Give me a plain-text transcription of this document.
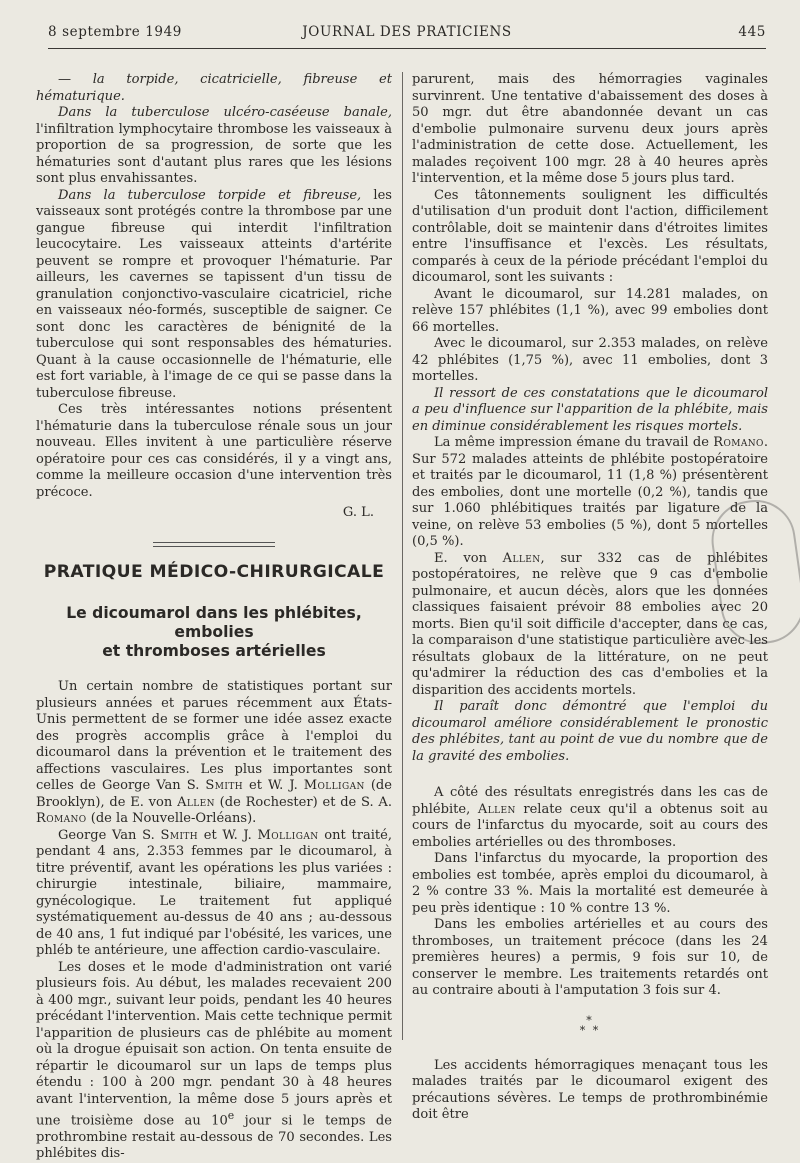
8 septembre 1949	JOURNAL DES PRATICIENS	445

— la torpide, cicatricielle, fibreuse et hématurique.

Dans la tuberculose ulcéro-caséeuse banale, l'infiltration lymphocytaire thrombose les vaisseaux à proportion de sa progression, de sorte que les hématuries sont d'autant plus rares que les lésions sont plus envahissantes.

Dans la tuberculose torpide et fibreuse, les vaisseaux sont protégés contre la thrombose par une gangue fibreuse qui interdit l'infiltration leucocytaire. Les vaisseaux atteints d'artérite peuvent se rompre et provoquer l'hématurie. Par ailleurs, les cavernes se tapissent d'un tissu de granulation conjonctivo-vasculaire cicatriciel, riche en vaisseaux néo-formés, susceptible de saigner. Ce sont donc les caractères de bénignité de la tuberculose qui sont responsables des hématuries. Quant à la cause occasionnelle de l'hématurie, elle est fort variable, à l'image de ce qui se passe dans la tuberculose fibreuse.

Ces très intéressantes notions présentent l'hématurie dans la tuberculose rénale sous un jour nouveau. Elles invitent à une particulière réserve opératoire pour ces cas considérés, il y a vingt ans, comme la meilleure occasion d'une intervention très précoce.

G. L.

PRATIQUE MÉDICO-CHIRURGICALE
Le dicoumarol dans les phlébites, embolies
et thromboses artérielles

Un certain nombre de statistiques portant sur plusieurs années et parues récemment aux États-Unis permettent de se former une idée assez exacte des progrès accomplis grâce à l'emploi du dicoumarol dans la prévention et le traitement des affections vasculaires. Les plus importantes sont celles de George Van S. Smith et W. J. Molligan (de Brooklyn), de E. von Allen (de Rochester) et de S. A. Romano (de la Nouvelle-Orléans).

George Van S. Smith et W. J. Molligan ont traité, pendant 4 ans, 2.353 femmes par le dicoumarol, à titre préventif, avant les opérations les plus variées : chirurgie intestinale, biliaire, mammaire, gynécologique. Le traitement fut appliqué systématiquement au-dessus de 40 ans ; au-dessous de 40 ans, 1 fut indiqué par l'obésité, les varices, une phléb te antérieure, une affection cardio-vasculaire.

Les doses et le mode d'administration ont varié plusieurs fois. Au début, les malades recevaient 200 à 400 mgr., suivant leur poids, pendant les 40 heures précédant l'intervention. Mais cette technique permit l'apparition de plusieurs cas de phlébite au moment où la drogue épuisait son action. On tenta ensuite de répartir le dicoumarol sur un laps de temps plus étendu : 100 à 200 mgr. pendant 30 à 48 heures avant l'intervention, la même dose 5 jours après et une troisième dose au 10e jour si le temps de prothrombine restait au-dessous de 70 secondes. Les phlébites dis-

parurent, mais des hémorragies vaginales survinrent. Une tentative d'abaissement des doses à 50 mgr. dut être abandonnée devant un cas d'embolie pulmonaire survenu deux jours après l'administration de cette dose. Actuellement, les malades reçoivent 100 mgr. 28 à 40 heures après l'intervention, et la même dose 5 jours plus tard.

Ces tâtonnements soulignent les difficultés d'utilisation d'un produit dont l'action, difficilement contrôlable, doit se maintenir dans d'étroites limites entre l'insuffisance et l'excès. Les résultats, comparés à ceux de la période précédant l'emploi du dicoumarol, sont les suivants :

Avant le dicoumarol, sur 14.281 malades, on relève 157 phlébites (1,1 %), avec 99 embolies dont 66 mortelles.

Avec le dicoumarol, sur 2.353 malades, on relève 42 phlébites (1,75 %), avec 11 embolies, dont 3 mortelles.

Il ressort de ces constatations que le dicoumarol a peu d'influence sur l'apparition de la phlébite, mais en diminue considérablement les risques mortels.

La même impression émane du travail de Romano. Sur 572 malades atteints de phlébite postopératoire et traités par le dicoumarol, 11 (1,8 %) présentèrent des embolies, dont une mortelle (0,2 %), tandis que sur 1.060 phlébitiques traités par ligature de la veine, on relève 53 embolies (5 %), dont 5 mortelles (0,5 %).

E. von Allen, sur 332 cas de phlébites postopératoires, ne relève que 9 cas d'embolie pulmonaire, et aucun décès, alors que les données classiques faisaient prévoir 88 embolies avec 20 morts. Bien qu'il soit difficile d'accepter, dans ce cas, la comparaison d'une statistique particulière avec les résultats globaux de la littérature, on ne peut qu'admirer la réduction des cas d'embolies et la disparition des accidents mortels.

Il paraît donc démontré que l'emploi du dicoumarol améliore considérablement le pronostic des phlébites, tant au point de vue du nombre que de la gravité des embolies.

A côté des résultats enregistrés dans les cas de phlébite, Allen relate ceux qu'il a obtenus soit au cours de l'infarctus du myocarde, soit au cours des embolies artérielles ou des thromboses.

Dans l'infarctus du myocarde, la proportion des embolies est tombée, après emploi du dicoumarol, à 2 % contre 33 %. Mais la mortalité est demeurée à peu près identique : 10 % contre 13 %.

Dans les embolies artérielles et au cours des thromboses, un traitement précoce (dans les 24 premières heures) a permis, 9 fois sur 10, de conserver le membre. Les traitements retardés ont au contraire abouti à l'amputation 3 fois sur 4.

*
* *

Les accidents hémorragiques menaçant tous les malades traités par le dicoumarol exigent des précautions sévères. Le temps de prothrombinémie doit être
